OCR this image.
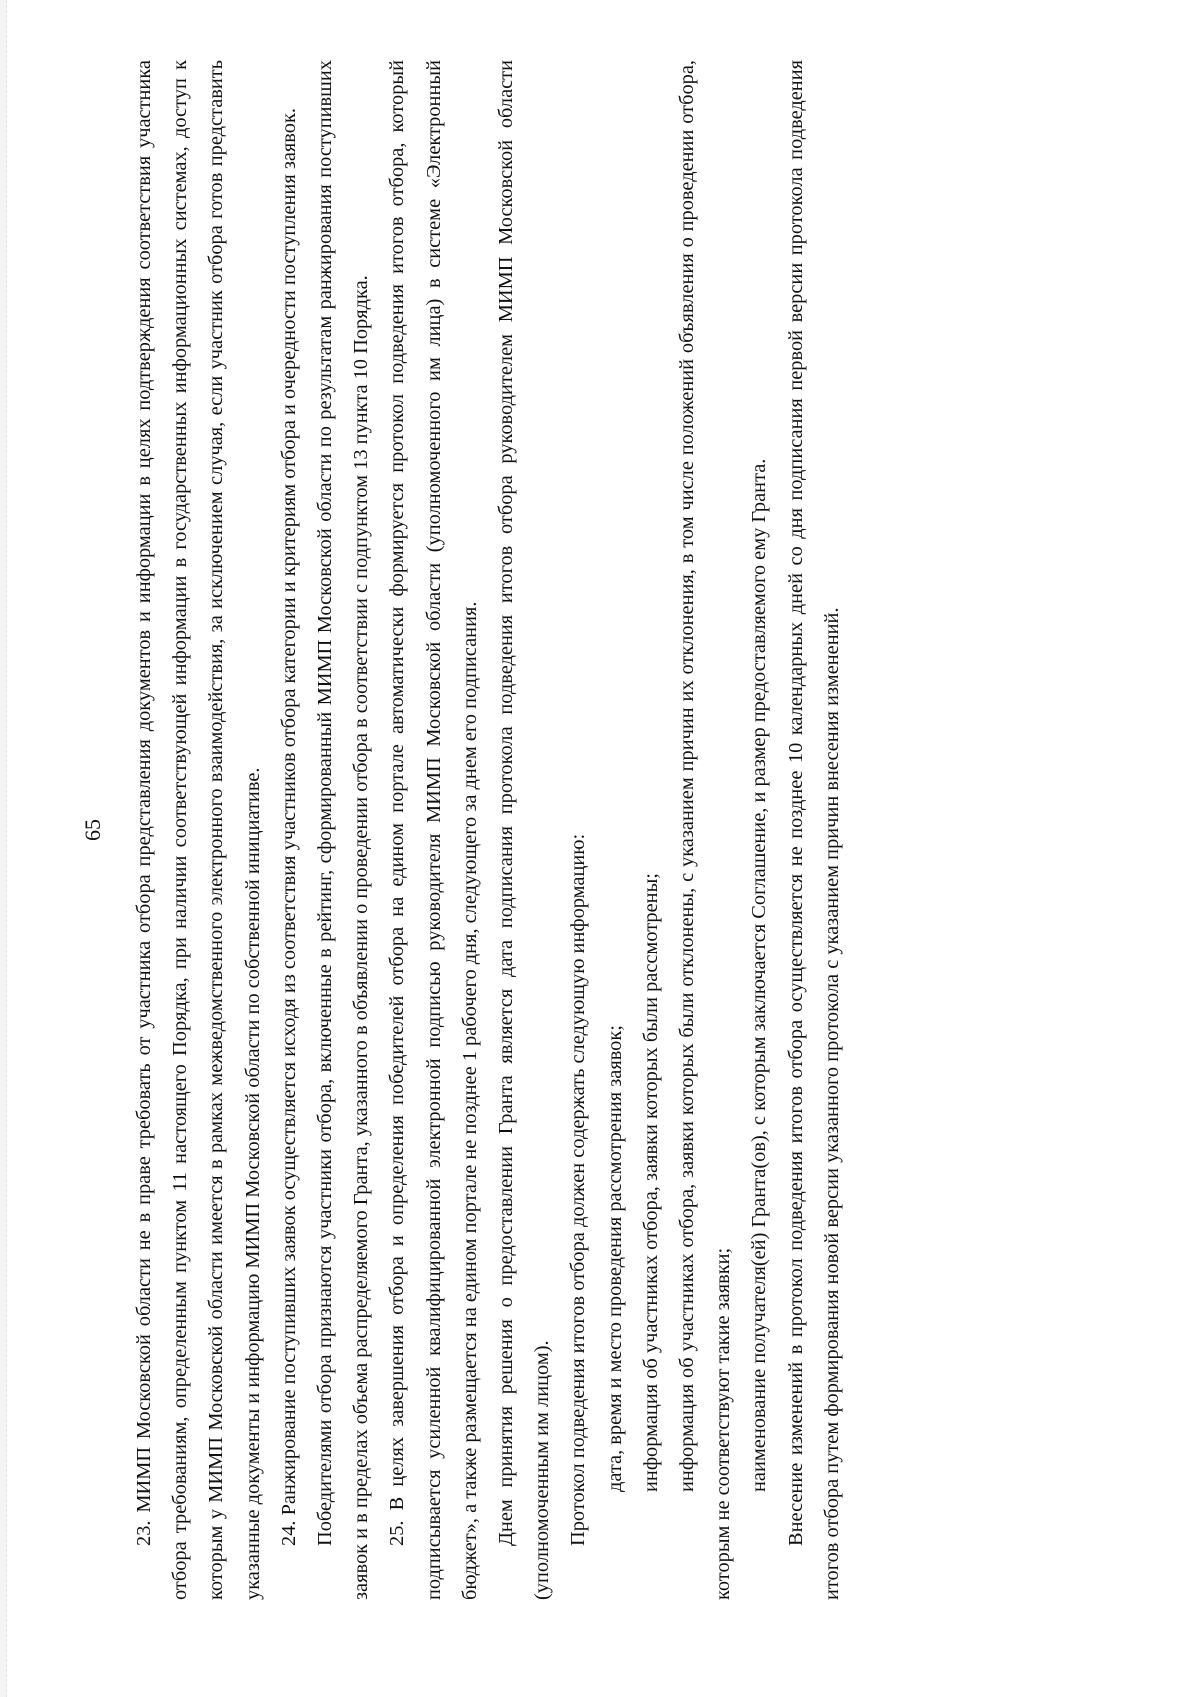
65	23. МИМП Московской области не в праве требовать от участника отбора представления документов и информации в целях подтверждения соответствия участника отбора требованиям, определенным пунктом 11 настоящего Порядка, при наличии соответствующей информации в государственных информационных системах, доступ к которым у МИМП Московской области имеется в рамках межведомственного электронного взаимодействия, за исключением случая, если участник отбора готов представить указанные документы и информацию МИМП Московской области по собственной инициативе. 24. Ранжирование поступивших заявок осуществляется исходя из соответствия участников отбора категории и критериям отбора и очередности поступления заявок. Победителями отбора признаются участники отбора, включенные в рейтинг, сформированный МИМП Московской области по результатам ранжирования поступивших заявок и в пределах объема распределяемого Гранта, указанного в объявлении о проведении отбора в соответствии с подпунктом 13 пункта 10 Порядка. 25. В целях завершения отбора и определения победителей отбора на едином портале автоматически формируется протокол подведения итогов отбора, который подписывается усиленной квалифицированной электронной подписью руководителя МИМП Московской области (уполномоченного им лица) в системе «Электронный бюджет», а также размещается на едином портале не позднее 1 рабочего дня, следующего за днем его подписания. Днем принятия решения о предоставлении Гранта является дата подписания протокола подведения итогов отбора руководителем МИМП Московской области (уполномоченным им лицом). Протокол подведения итогов отбора должен содержать следующую информацию: дата, время и место проведения рассмотрения заявок; информация об участниках отбора, заявки которых были рассмотрены; информация об участниках отбора, заявки которых были отклонены, с указанием причин их отклонения, в том числе положений объявления о проведении отбора, которым не соответствуют такие заявки; наименование получателя(ей) Гранта(ов), с которым заключается Соглашение, и размер предоставляемого ему Гранта. Внесение изменений в протокол подведения итогов отбора осуществляется не позднее 10 календарных дней со дня подписания первой версии протокола подведения итогов отбора путем формирования новой версии указанного протокола с указанием причин внесения изменений.
